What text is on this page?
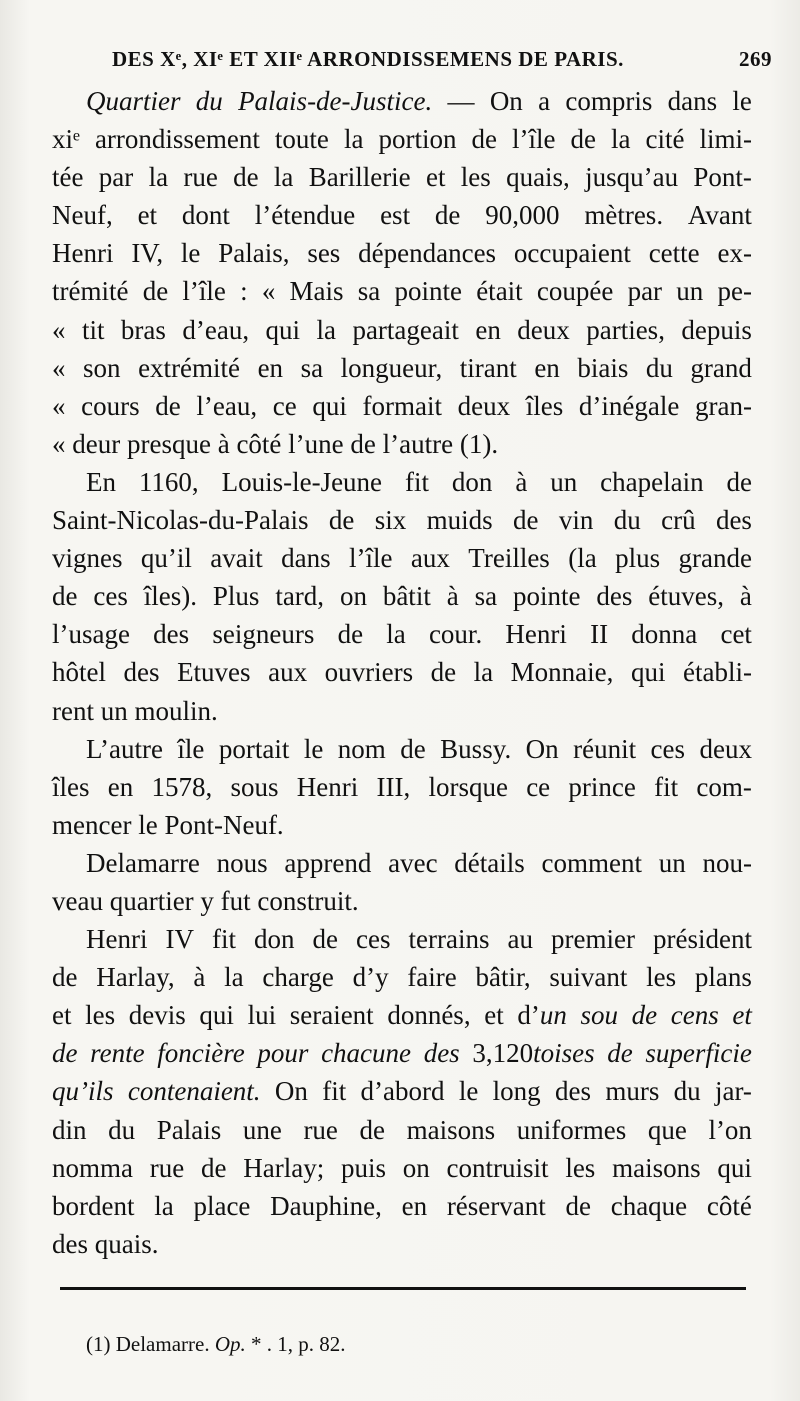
DES Xᵉ, XIᵉ ET XIIᵉ ARRONDISSEMENS DE PARIS.	269
Quartier du Palais-de-Justice. — On a compris dans le
xiᵉ arrondissement toute la portion de l’île de la cité limi-
tée par la rue de la Barillerie et les quais, jusqu’au Pont-
Neuf, et dont l’étendue est de 90,000 mètres. Avant
Henri IV, le Palais, ses dépendances occupaient cette ex-
trémité de l’île : « Mais sa pointe était coupée par un pe-
« tit bras d’eau, qui la partageait en deux parties, depuis
« son extrémité en sa longueur, tirant en biais du grand
« cours de l’eau, ce qui formait deux îles d’inégale gran-
« deur presque à côté l’une de l’autre (1).
En 1160, Louis-le-Jeune fit don à un chapelain de
Saint-Nicolas-du-Palais de six muids de vin du crû des
vignes qu’il avait dans l’île aux Treilles (la plus grande
de ces îles). Plus tard, on bâtit à sa pointe des étuves, à
l’usage des seigneurs de la cour. Henri II donna cet
hôtel des Etuves aux ouvriers de la Monnaie, qui établi-
rent un moulin.
L’autre île portait le nom de Bussy. On réunit ces deux
îles en 1578, sous Henri III, lorsque ce prince fit com-
mencer le Pont-Neuf.
Delamarre nous apprend avec détails comment un nou-
veau quartier y fut construit.
Henri IV fit don de ces terrains au premier président
de Harlay, à la charge d’y faire bâtir, suivant les plans
et les devis qui lui seraient donnés, et d’un sou de cens et
de rente foncière pour chacune des 3,120toises de superficie
qu’ils contenaient. On fit d’abord le long des murs du jar-
din du Palais une rue de maisons uniformes que l’on
nomma rue de Harlay; puis on contruisit les maisons qui
bordent la place Dauphine, en réservant de chaque côté
des quais.
(1) Delamarre. Op. * . 1, p. 82.
